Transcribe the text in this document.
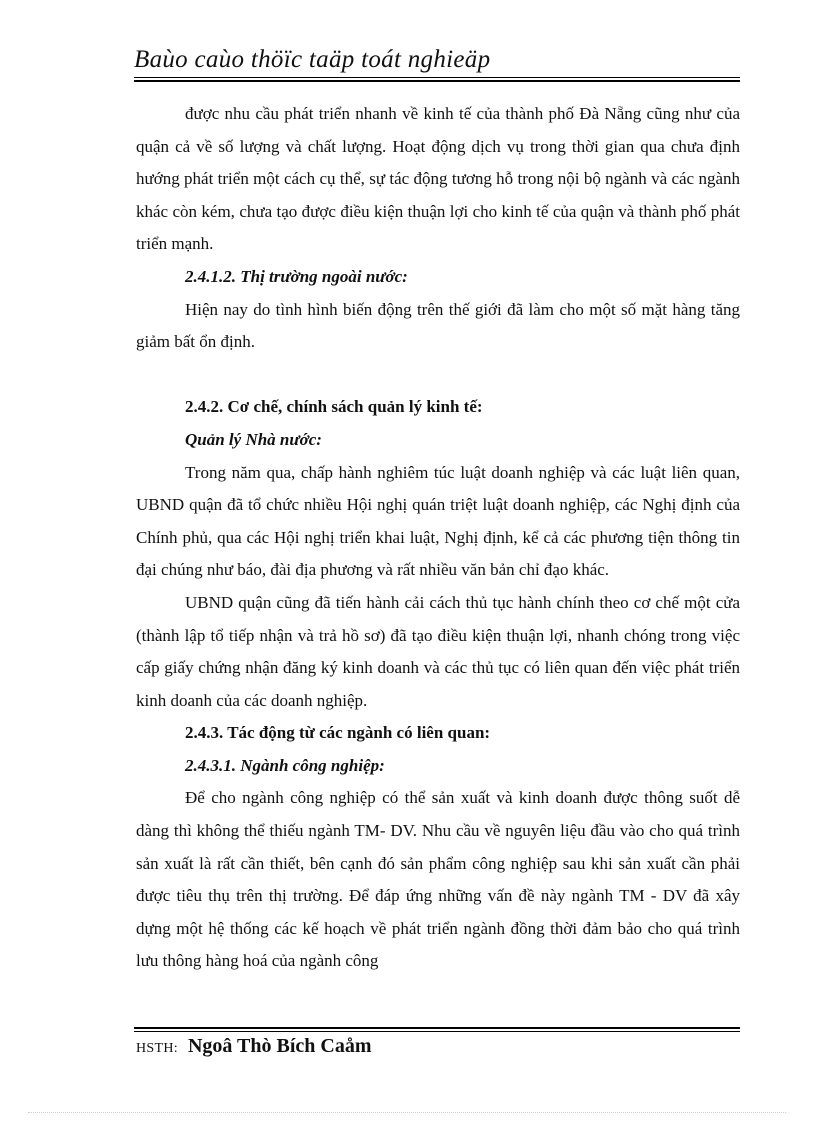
Baùo caùo thöïc taäp toát nghieäp

được nhu cầu phát triển nhanh về kinh tế của thành phố Đà Nẵng cũng như của quận cả về số lượng và chất lượng. Hoạt động dịch vụ trong thời gian qua chưa định hướng phát triển một cách cụ thể, sự tác động tương hỗ trong nội bộ ngành và các ngành khác còn kém, chưa tạo được điều kiện thuận lợi cho kinh tế của quận và thành phố phát triển mạnh.

2.4.1.2. Thị trường ngoài nước:

Hiện nay do tình hình biến động trên thế giới đã làm cho một số mặt hàng tăng giảm bất ổn định.

2.4.2. Cơ chế, chính sách quản lý kinh tế:

Quản lý Nhà nước:

Trong năm qua, chấp hành nghiêm túc luật doanh nghiệp và các luật liên quan, UBND quận đã tổ chức nhiều Hội nghị quán triệt luật doanh nghiệp, các Nghị định của Chính phủ, qua các Hội nghị triển khai luật, Nghị định, kể cả các phương tiện thông tin đại chúng như báo, đài địa phương và rất nhiều văn bản chỉ đạo khác.

UBND quận cũng đã tiến hành cải cách thủ tục hành chính theo cơ chế một cửa (thành lập tổ tiếp nhận và trả hồ sơ) đã tạo điều kiện thuận lợi, nhanh chóng trong việc cấp giấy chứng nhận đăng ký kinh doanh và các thủ tục có liên quan đến việc phát triển kinh doanh của các doanh nghiệp.

2.4.3. Tác động từ các ngành có liên quan:

2.4.3.1. Ngành công nghiệp:

Để cho ngành công nghiệp có thể sản xuất và kinh doanh được thông suốt dễ dàng thì không thể thiếu ngành TM- DV. Nhu cầu về nguyên liệu đầu vào cho quá trình sản xuất là rất cần thiết, bên cạnh đó sản phẩm công nghiệp sau khi sản xuất cần phải được tiêu thụ trên thị trường. Để đáp ứng những vấn đề này ngành TM - DV đã xây dựng một hệ thống các kế hoạch về phát triển ngành đồng thời đảm bảo cho quá trình lưu thông hàng hoá của ngành công

HSTH: Ngoâ Thò Bích Caåm
